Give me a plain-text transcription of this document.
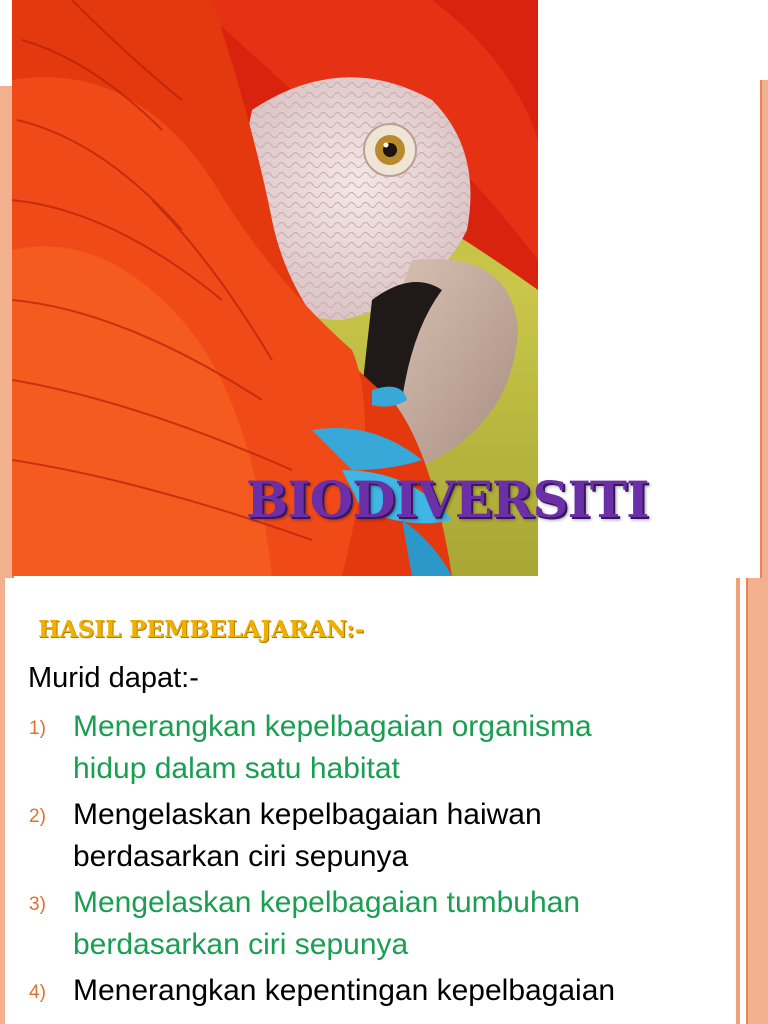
BIODIVERSITI
HASIL PEMBELAJARAN:-
Murid dapat:-
1) Menerangkan kepelbagaian organisma
hidup dalam satu habitat
2) Mengelaskan kepelbagaian haiwan
berdasarkan ciri sepunya
3) Mengelaskan kepelbagaian tumbuhan
berdasarkan ciri sepunya
4) Menerangkan kepentingan kepelbagaian
